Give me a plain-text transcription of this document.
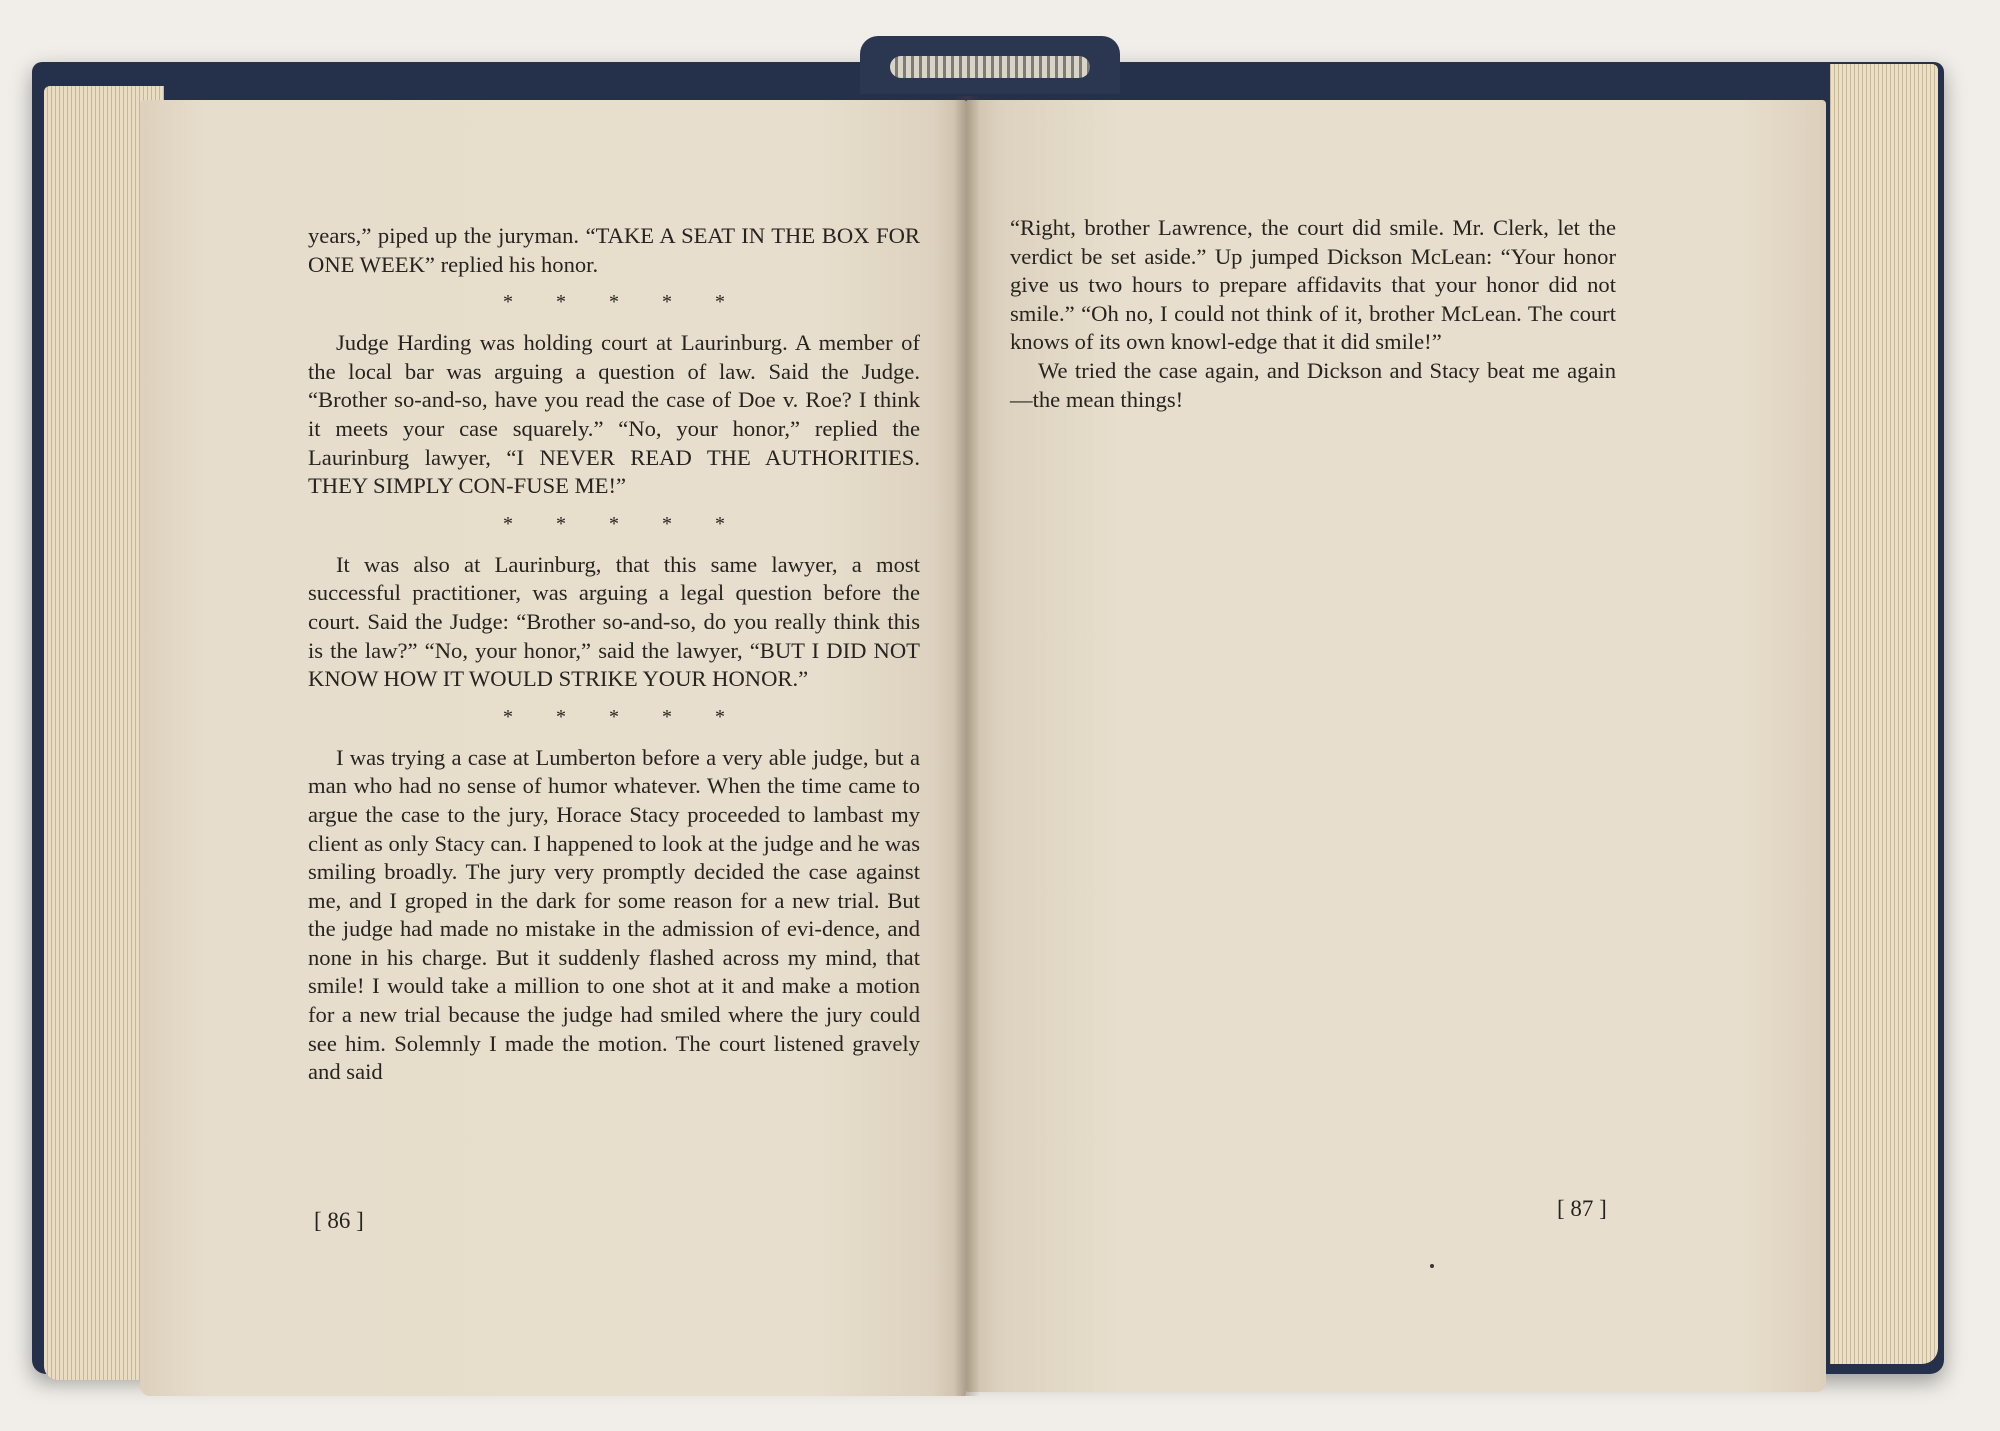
years,” piped up the juryman. “TAKE A SEAT IN THE BOX FOR ONE WEEK” replied his honor.

* * * * *

Judge Harding was holding court at Laurinburg. A member of the local bar was arguing a question of law. Said the Judge. “Brother so-and-so, have you read the case of Doe v. Roe? I think it meets your case squarely.” “No, your honor,” replied the Laurinburg lawyer, “I NEVER READ THE AUTHORITIES. THEY SIMPLY CON-FUSE ME!”

* * * * *

It was also at Laurinburg, that this same lawyer, a most successful practitioner, was arguing a legal question before the court. Said the Judge: “Brother so-and-so, do you really think this is the law?” “No, your honor,” said the lawyer, “BUT I DID NOT KNOW HOW IT WOULD STRIKE YOUR HONOR.”

* * * * *

I was trying a case at Lumberton before a very able judge, but a man who had no sense of humor whatever. When the time came to argue the case to the jury, Horace Stacy proceeded to lambast my client as only Stacy can. I happened to look at the judge and he was smiling broadly. The jury very promptly decided the case against me, and I groped in the dark for some reason for a new trial. But the judge had made no mistake in the admission of evi-dence, and none in his charge. But it suddenly flashed across my mind, that smile! I would take a million to one shot at it and make a motion for a new trial because the judge had smiled where the jury could see him. Solemnly I made the motion. The court listened gravely and said

[ 86 ]

“Right, brother Lawrence, the court did smile. Mr. Clerk, let the verdict be set aside.” Up jumped Dickson McLean: “Your honor give us two hours to prepare affidavits that your honor did not smile.” “Oh no, I could not think of it, brother McLean. The court knows of its own knowl-edge that it did smile!”

We tried the case again, and Dickson and Stacy beat me again—the mean things!

[ 87 ]
